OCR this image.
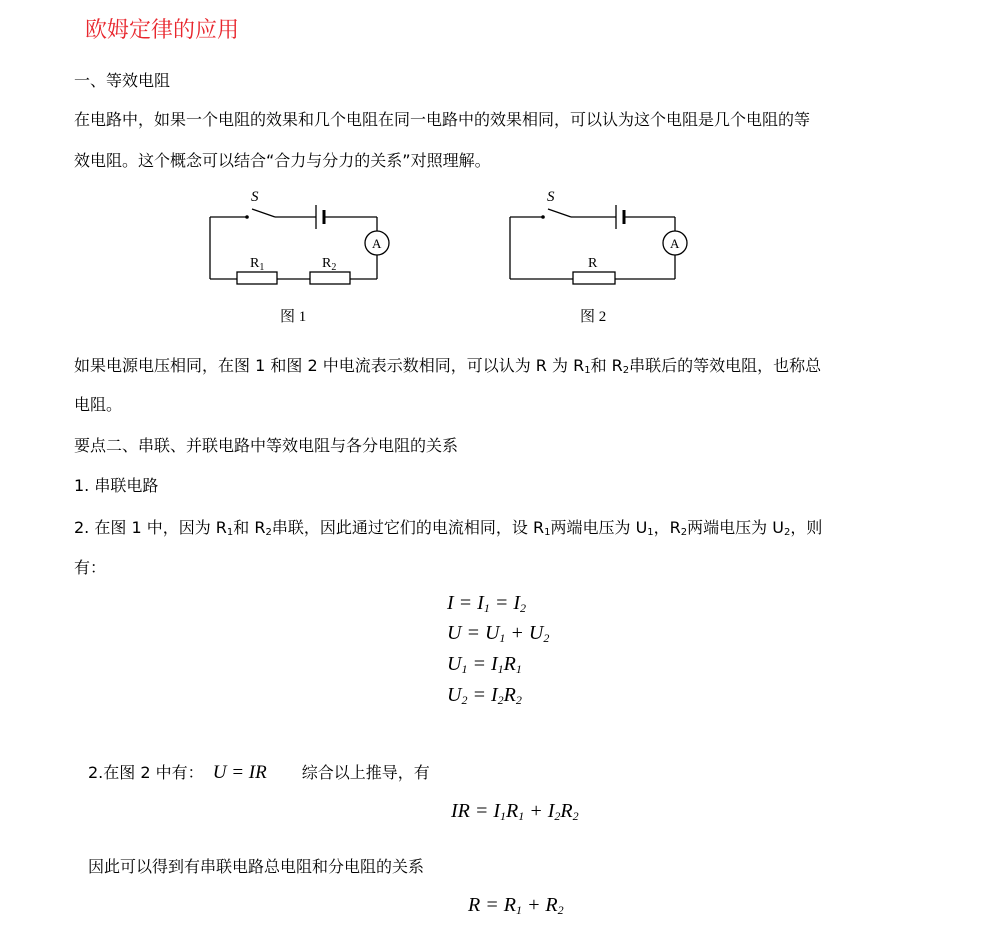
欧姆定律的应用
一、等效电阻
在电路中，如果一个电阻的效果和几个电阻在同一电路中的效果相同，可以认为这个电阻是几个电阻的等
效电阻。这个概念可以结合“合力与分力的关系”对照理解。
S
A
$R_1$	$R_2$
图 1
S
A
R
图 2
如果电源电压相同，在图 1 和图 2 中电流表示数相同，可以认为 R 为 $R_1$和 $R_2$串联后的等效电阻，也称总
电阻。
要点二、串联、并联电路中等效电阻与各分电阻的关系
1. 串联电路
2. 在图 1 中，因为 $R_1$和 $R_2$串联，因此通过它们的电流相同，设 $R_1$两端电压为 $U_1$，$R_2$两端电压为 $U_2$，则
有：
$I = I_1 = I_2$
$U = U_1 + U_2$
$U_1 = I_1R_1$
$U_2 = I_2R_2$
2.在图 2 中有： U = IR 综合以上推导，有
IR = $I_1R_1 + I_2R_2$
因此可以得到有串联电路总电阻和分电阻的关系
$R = R_1 + R_2$
